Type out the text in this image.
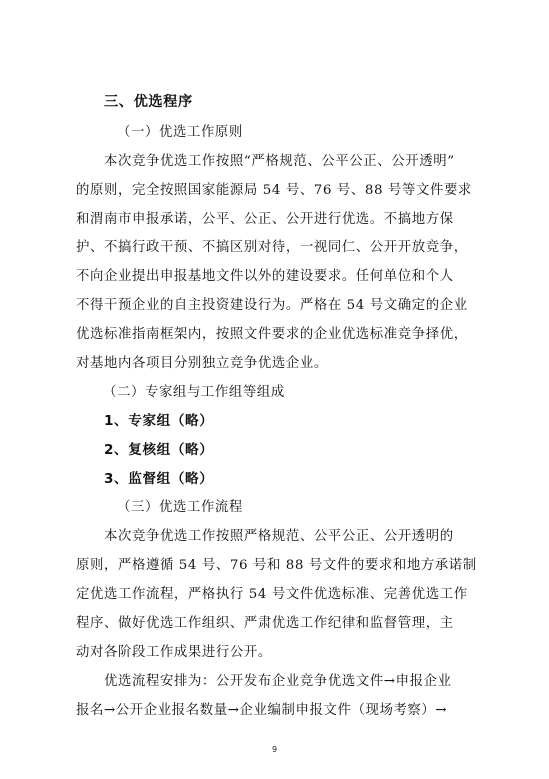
三、优选程序
（一）优选工作原则
本次竞争优选工作按照“严格规范、公平公正、公开透明”
的原则，完全按照国家能源局 54 号、76 号、88 号等文件要求
和渭南市申报承诺，公平、公正、公开进行优选。不搞地方保
护、不搞行政干预、不搞区别对待，一视同仁、公开开放竞争，
不向企业提出申报基地文件以外的建设要求。任何单位和个人
不得干预企业的自主投资建设行为。严格在 54 号文确定的企业
优选标准指南框架内，按照文件要求的企业优选标准竞争择优，
对基地内各项目分别独立竞争优选企业。
（二）专家组与工作组等组成
1、专家组（略）
2、复核组（略）
3、监督组（略）
（三）优选工作流程
本次竞争优选工作按照严格规范、公平公正、公开透明的
原则，严格遵循 54 号、76 号和 88 号文件的要求和地方承诺制
定优选工作流程，严格执行 54 号文件优选标准、完善优选工作
程序、做好优选工作组织、严肃优选工作纪律和监督管理，主
动对各阶段工作成果进行公开。
优选流程安排为：公开发布企业竞争优选文件→申报企业
报名→公开企业报名数量→企业编制申报文件（现场考察）→
9
